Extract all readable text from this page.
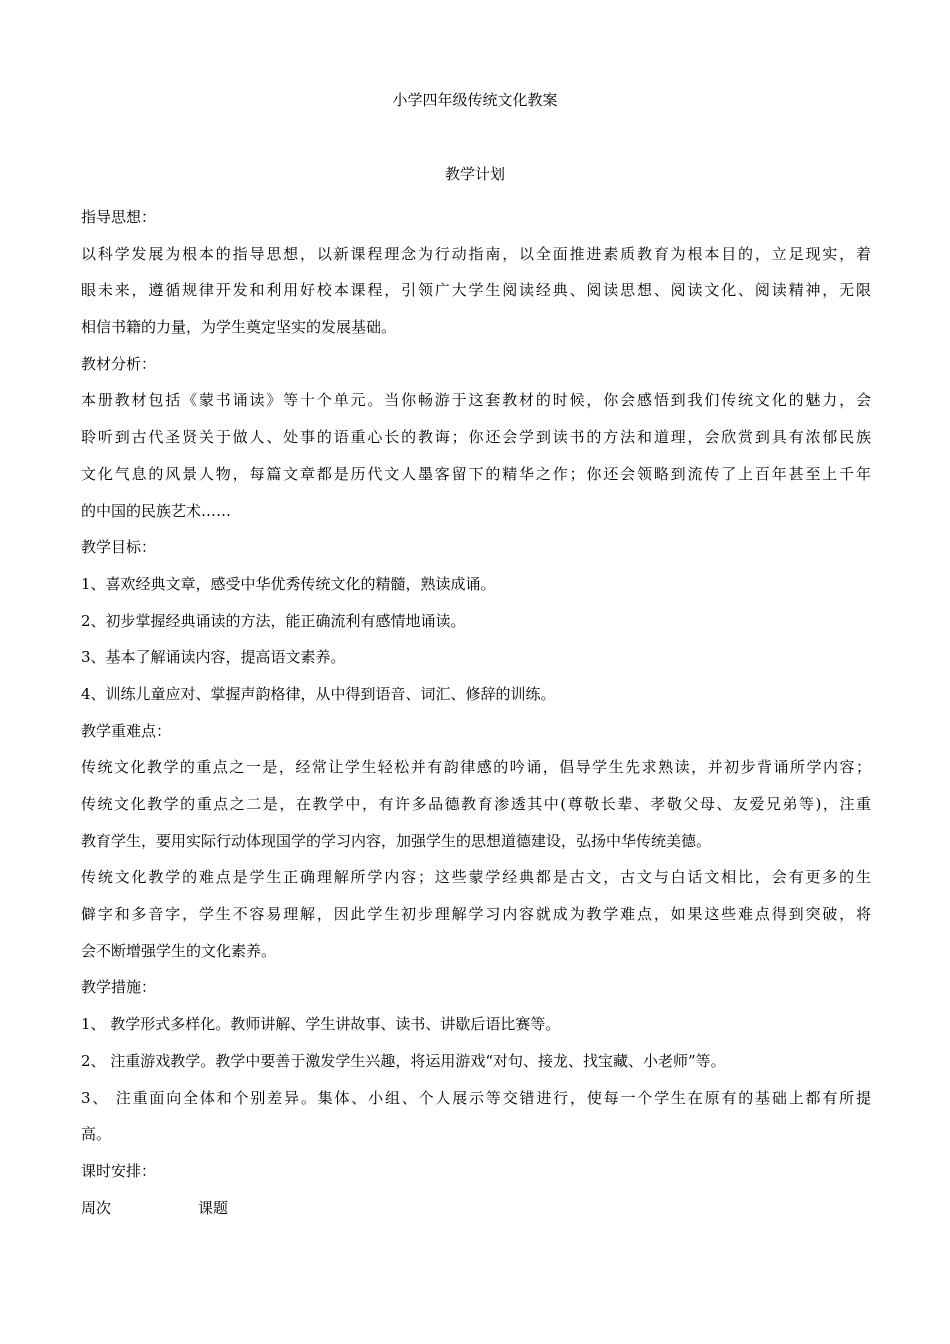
小学四年级传统文化教案
教学计划
指导思想：
以科学发展为根本的指导思想，以新课程理念为行动指南，以全面推进素质教育为根本目的，立足现实，着
眼未来，遵循规律开发和利用好校本课程，引领广大学生阅读经典、阅读思想、阅读文化、阅读精神，无限
相信书籍的力量，为学生奠定坚实的发展基础。
教材分析：
本册教材包括《蒙书诵读》等十个单元。当你畅游于这套教材的时候，你会感悟到我们传统文化的魅力，会
聆听到古代圣贤关于做人、处事的语重心长的教诲；你还会学到读书的方法和道理，会欣赏到具有浓郁民族
文化气息的风景人物，每篇文章都是历代文人墨客留下的精华之作；你还会领略到流传了上百年甚至上千年
的中国的民族艺术……
教学目标：
1、喜欢经典文章，感受中华优秀传统文化的精髓，熟读成诵。
2、初步掌握经典诵读的方法，能正确流利有感情地诵读。
3、基本了解诵读内容，提高语文素养。
4、训练儿童应对、掌握声韵格律，从中得到语音、词汇、修辞的训练。
教学重难点：
传统文化教学的重点之一是，经常让学生轻松并有韵律感的吟诵，倡导学生先求熟读，并初步背诵所学内容；
传统文化教学的重点之二是，在教学中，有许多品德教育渗透其中(尊敬长辈、孝敬父母、友爱兄弟等)，注重
教育学生，要用实际行动体现国学的学习内容，加强学生的思想道德建设，弘扬中华传统美德。
传统文化教学的难点是学生正确理解所学内容；这些蒙学经典都是古文，古文与白话文相比，会有更多的生
僻字和多音字，学生不容易理解，因此学生初步理解学习内容就成为教学难点，如果这些难点得到突破，将
会不断增强学生的文化素养。
教学措施：
1、 教学形式多样化。教师讲解、学生讲故事、读书、讲歇后语比赛等。
2、 注重游戏教学。教学中要善于激发学生兴趣，将运用游戏“对句、接龙、找宝藏、小老师”等。
3、 注重面向全体和个别差异。集体、小组、个人展示等交错进行，使每一个学生在原有的基础上都有所提
高。
课时安排：
周次	课题
